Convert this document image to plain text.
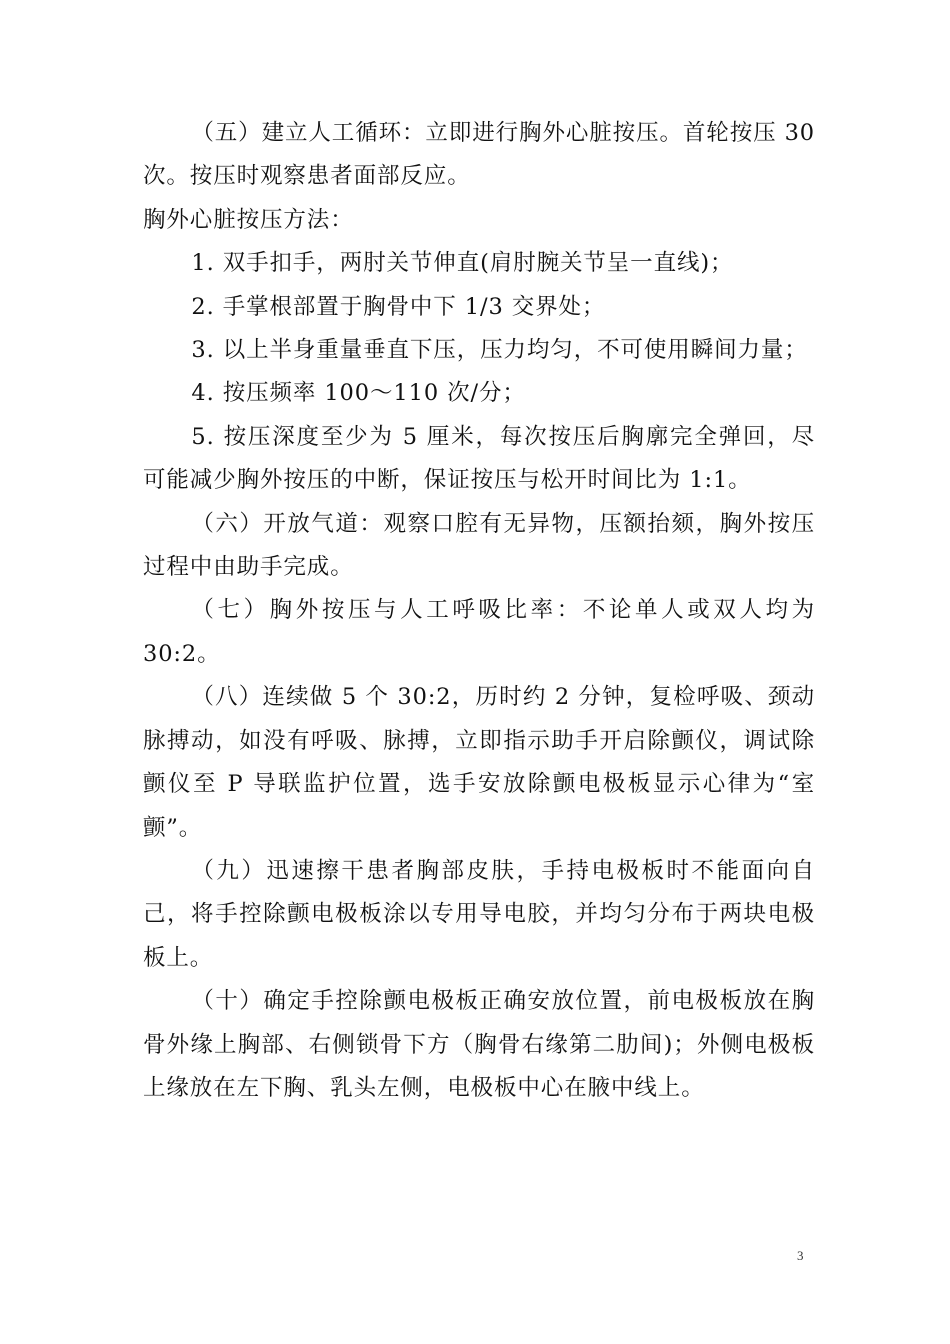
（五）建立人工循环：立即进行胸外心脏按压。首轮按压 30 次。按压时观察患者面部反应。

胸外心脏按压方法：

1. 双手扣手，两肘关节伸直(肩肘腕关节呈一直线)；

2. 手掌根部置于胸骨中下 1/3 交界处；

3. 以上半身重量垂直下压，压力均匀，不可使用瞬间力量；

4. 按压频率 100～110 次/分；

5. 按压深度至少为 5 厘米，每次按压后胸廓完全弹回，尽可能减少胸外按压的中断，保证按压与松开时间比为 1:1。

（六）开放气道：观察口腔有无异物，压额抬颏，胸外按压过程中由助手完成。

（七）胸外按压与人工呼吸比率：不论单人或双人均为 30:2。

（八）连续做 5 个 30:2，历时约 2 分钟，复检呼吸、颈动脉搏动，如没有呼吸、脉搏，立即指示助手开启除颤仪，调试除颤仪至 P 导联监护位置，选手安放除颤电极板显示心律为“室颤”。

（九）迅速擦干患者胸部皮肤，手持电极板时不能面向自己，将手控除颤电极板涂以专用导电胶，并均匀分布于两块电极板上。

（十）确定手控除颤电极板正确安放位置，前电极板放在胸骨外缘上胸部、右侧锁骨下方（胸骨右缘第二肋间)；外侧电极板上缘放在左下胸、乳头左侧，电极板中心在腋中线上。

3
